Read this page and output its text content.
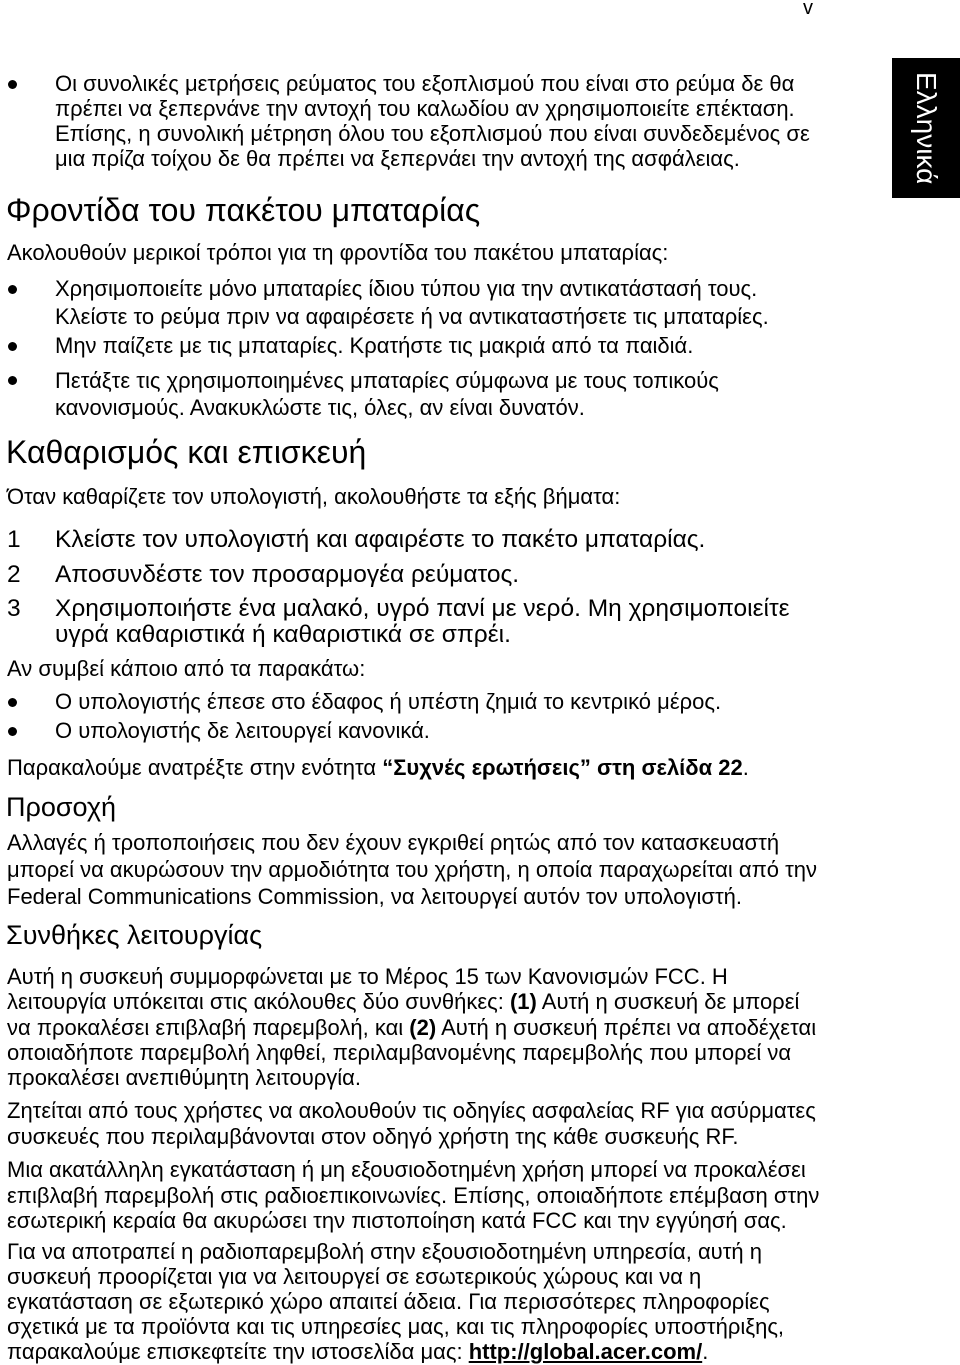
v
Ελληνικά
Οι συνολικές μετρήσεις ρεύματος του εξοπλισμού που είναι στο ρεύμα δε θα
πρέπει να ξεπερνάνε την αντοχή του καλωδίου αν χρησιμοποιείτε επέκταση.
Επίσης, η συνολική μέτρηση όλου του εξοπλισμού που είναι συνδεδεμένος σε
μια πρίζα τοίχου δε θα πρέπει να ξεπερνάει την αντοχή της ασφάλειας.
Φροντίδα του πακέτου μπαταρίας
Ακολουθούν μερικοί τρόποι για τη φροντίδα του πακέτου μπαταρίας:
Χρησιμοποιείτε μόνο μπαταρίες ίδιου τύπου για την αντικατάστασή τους.
Κλείστε το ρεύμα πριν να αφαιρέσετε ή να αντικαταστήσετε τις μπαταρίες.
Μην παίζετε με τις μπαταρίες. Κρατήστε τις μακριά από τα παιδιά.
Πετάξτε τις χρησιμοποιημένες μπαταρίες σύμφωνα με τους τοπικούς
κανονισμούς. Ανακυκλώστε τις, όλες, αν είναι δυνατόν.
Καθαρισμός και επισκευή
Όταν καθαρίζετε τον υπολογιστή, ακολουθήστε τα εξής βήματα:
1 Κλείστε τον υπολογιστή και αφαιρέστε το πακέτο μπαταρίας.
2 Αποσυνδέστε τον προσαρμογέα ρεύματος.
3 Χρησιμοποιήστε ένα μαλακό, υγρό πανί με νερό. Μη χρησιμοποιείτε
υγρά καθαριστικά ή καθαριστικά σε σπρέι.
Αν συμβεί κάποιο από τα παρακάτω:
Ο υπολογιστής έπεσε στο έδαφος ή υπέστη ζημιά το κεντρικό μέρος.
Ο υπολογιστής δε λειτουργεί κανονικά.
Παρακαλούμε ανατρέξτε στην ενότητα “Συχνές ερωτήσεις” στη σελίδα 22.
Προσοχή
Αλλαγές ή τροποποιήσεις που δεν έχουν εγκριθεί ρητώς από τον κατασκευαστή
μπορεί να ακυρώσουν την αρμοδιότητα του χρήστη, η οποία παραχωρείται από την
Federal Communications Commission, να λειτουργεί αυτόν τον υπολογιστή.
Συνθήκες λειτουργίας
Αυτή η συσκευή συμμορφώνεται με το Μέρος 15 των Κανονισμών FCC. Η
λειτουργία υπόκειται στις ακόλουθες δύο συνθήκες: (1) Αυτή η συσκευή δε μπορεί
να προκαλέσει επιβλαβή παρεμβολή, και (2) Αυτή η συσκευή πρέπει να αποδέχεται
οποιαδήποτε παρεμβολή ληφθεί, περιλαμβανομένης παρεμβολής που μπορεί να
προκαλέσει ανεπιθύμητη λειτουργία.
Ζητείται από τους χρήστες να ακολουθούν τις οδηγίες ασφαλείας RF για ασύρματες
συσκευές που περιλαμβάνονται στον οδηγό χρήστη της κάθε συσκευής RF.
Μια ακατάλληλη εγκατάσταση ή μη εξουσιοδοτημένη χρήση μπορεί να προκαλέσει
επιβλαβή παρεμβολή στις ραδιοεπικοινωνίες. Επίσης, οποιαδήποτε επέμβαση στην
εσωτερική κεραία θα ακυρώσει την πιστοποίηση κατά FCC και την εγγύησή σας.
Για να αποτραπεί η ραδιοπαρεμβολή στην εξουσιοδοτημένη υπηρεσία, αυτή η
συσκευή προορίζεται για να λειτουργεί σε εσωτερικούς χώρους και να η
εγκατάσταση σε εξωτερικό χώρο απαιτεί άδεια. Για περισσότερες πληροφορίες
σχετικά με τα προϊόντα και τις υπηρεσίες μας, και τις πληροφορίες υποστήριξης,
παρακαλούμε επισκεφτείτε την ιστοσελίδα μας: http://global.acer.com/.
